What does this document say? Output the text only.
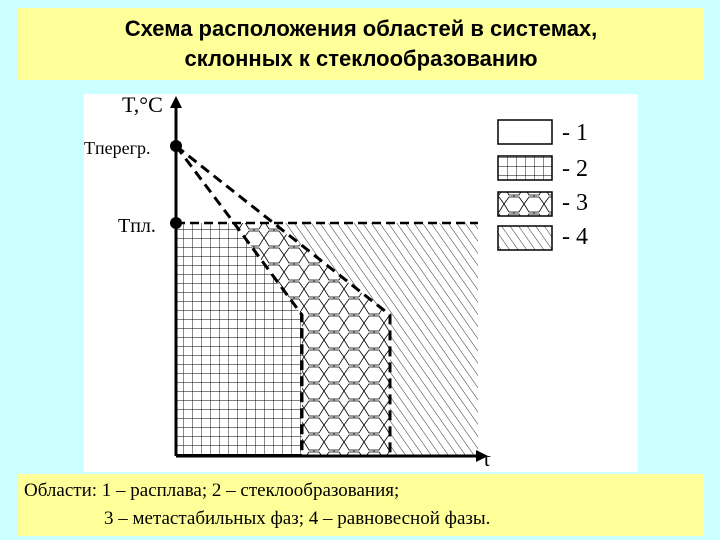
Схема расположения областей в системах,
склонных к стеклообразованию
T,°C
τ
Tперегр.
Tпл.
- 1
- 2
- 3
- 4
Области: 1 – расплава; 2 – стеклообразования;
3 – метастабильных фаз; 4 – равновесной фазы.
